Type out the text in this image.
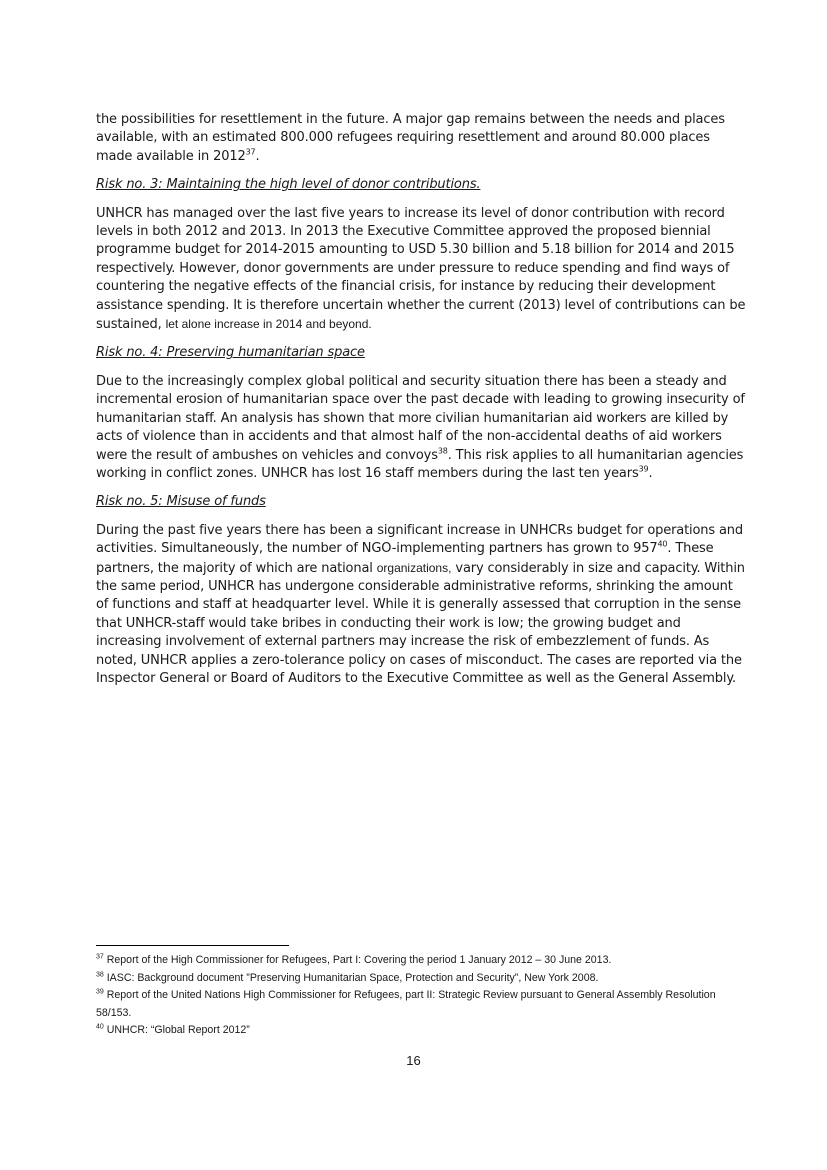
the possibilities for resettlement in the future. A major gap remains between the needs and places available, with an estimated 800.000 refugees requiring resettlement and around 80.000 places made available in 2012$^{37}$.

Risk no. 3: Maintaining the high level of donor contributions.

UNHCR has managed over the last five years to increase its level of donor contribution with record levels in both 2012 and 2013. In 2013 the Executive Committee approved the proposed biennial programme budget for 2014-2015 amounting to USD 5.30 billion and 5.18 billion for 2014 and 2015 respectively. However, donor governments are under pressure to reduce spending and find ways of countering the negative effects of the financial crisis, for instance by reducing their development assistance spending. It is therefore uncertain whether the current (2013) level of contributions can be sustained, let alone increase in 2014 and beyond.

Risk no. 4: Preserving humanitarian space

Due to the increasingly complex global political and security situation there has been a steady and incremental erosion of humanitarian space over the past decade with leading to growing insecurity of humanitarian staff. An analysis has shown that more civilian humanitarian aid workers are killed by acts of violence than in accidents and that almost half of the non-accidental deaths of aid workers were the result of ambushes on vehicles and convoys$^{38}$. This risk applies to all humanitarian agencies working in conflict zones. UNHCR has lost 16 staff members during the last ten years$^{39}$.

Risk no. 5: Misuse of funds

During the past five years there has been a significant increase in UNHCRs budget for operations and activities. Simultaneously, the number of NGO-implementing partners has grown to $957^{40}$. These partners, the majority of which are national organizations, vary considerably in size and capacity. Within the same period, UNHCR has undergone considerable administrative reforms, shrinking the amount of functions and staff at headquarter level. While it is generally assessed that corruption in the sense that UNHCR-staff would take bribes in conducting their work is low; the growing budget and increasing involvement of external partners may increase the risk of embezzlement of funds. As noted, UNHCR applies a zero-tolerance policy on cases of misconduct. The cases are reported via the Inspector General or Board of Auditors to the Executive Committee as well as the General Assembly.

$^{37}$ Report of the High Commissioner for Refugees, Part I: Covering the period 1 January 2012 – 30 June 2013.

$^{38}$ IASC: Background document ”Preserving Humanitarian Space, Protection and Security”, New York 2008.

$^{39}$ Report of the United Nations High Commissioner for Refugees, part II: Strategic Review pursuant to General Assembly Resolution 58/153.

$^{40}$ UNHCR: “Global Report 2012”

16
